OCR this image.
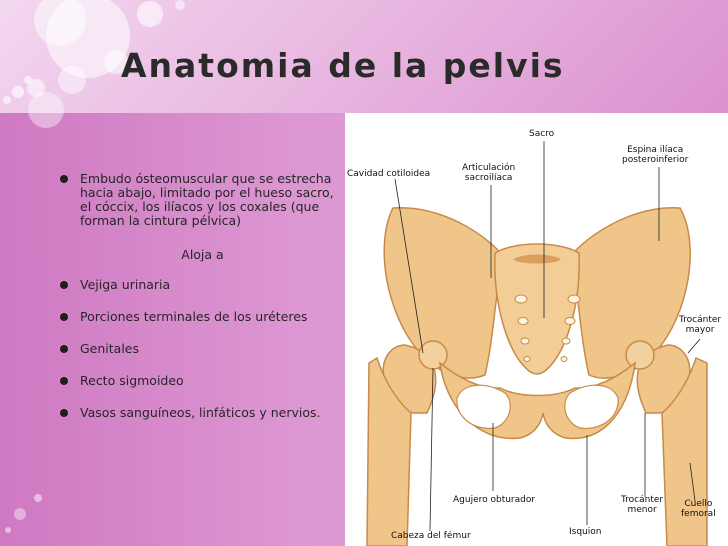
Anatomia de la pelvis
Embudo ósteomuscular que se estrecha hacia abajo, limitado por el hueso sacro, el cóccix, los ilíacos y los coxales (que forman la cintura pélvica)
Aloja a
Vejiga urinaria
Porciones terminales de los uréteres
Genitales
Recto sigmoideo
Vasos sanguíneos, linfáticos y nervios.
Sacro
Cavidad cotiloidea
Articulación
sacroilíaca
Espina ilíaca
posteroinferior
Trocánter
mayor
Agujero obturador	Trocánter
menor
Cuello
femoral
Cabeza del fémur	Isquion
